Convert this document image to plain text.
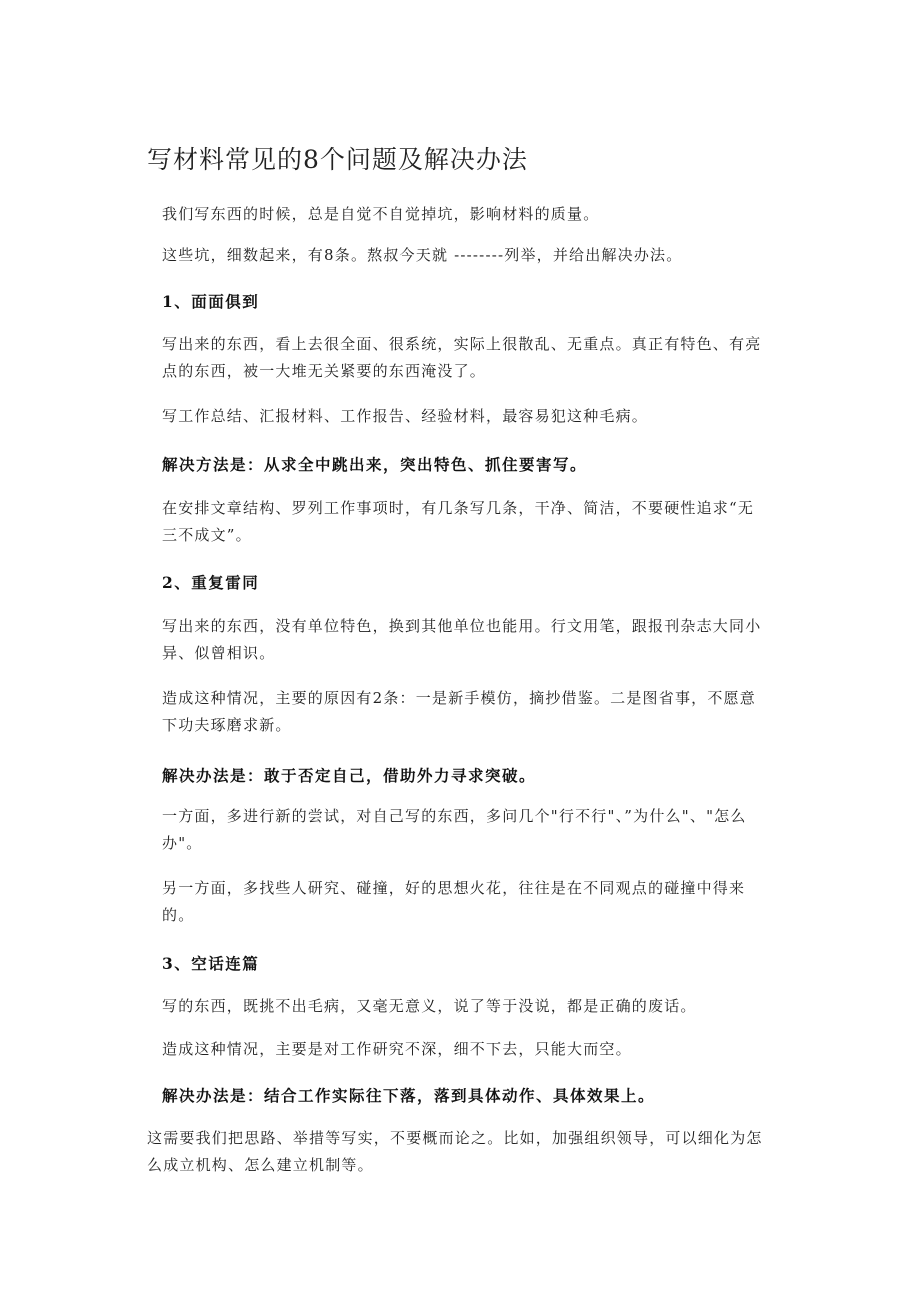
写材料常见的8个问题及解决办法
我们写东西的时候，总是自觉不自觉掉坑，影响材料的质量。
这些坑，细数起来，有8条。熬叔今天就 --------列举，并给出解决办法。
1、面面俱到
写出来的东西，看上去很全面、很系统，实际上很散乱、无重点。真正有特色、有亮点的东西，被一大堆无关紧要的东西淹没了。
写工作总结、汇报材料、工作报告、经验材料，最容易犯这种毛病。
解决方法是：从求全中跳出来，突出特色、抓住要害写。
在安排文章结构、罗列工作事项时，有几条写几条，干净、简洁，不要硬性追求“无三不成文”。
2、重复雷同
写出来的东西，没有单位特色，换到其他单位也能用。行文用笔，跟报刊杂志大同小异、似曾相识。
造成这种情况，主要的原因有2条：一是新手模仿，摘抄借鉴。二是图省事，不愿意下功夫琢磨求新。
解决办法是：敢于否定自己，借助外力寻求突破。
一方面，多进行新的尝试，对自己写的东西，多问几个"行不行"、”为什么"、"怎么办"。
另一方面，多找些人研究、碰撞，好的思想火花，往往是在不同观点的碰撞中得来的。
3、空话连篇
写的东西，既挑不出毛病，又毫无意义，说了等于没说，都是正确的废话。
造成这种情况，主要是对工作研究不深，细不下去，只能大而空。
解决办法是：结合工作实际往下落，落到具体动作、具体效果上。
这需要我们把思路、举措等写实，不要概而论之。比如，加强组织领导，可以细化为怎么成立机构、怎么建立机制等。
